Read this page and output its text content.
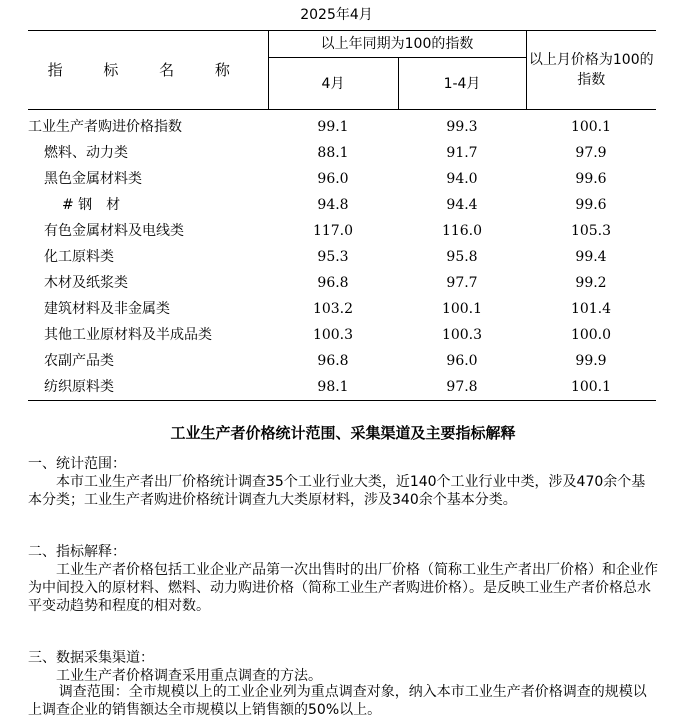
2025年4月
指 标 名 称	以上年同期为100的指数		以上月价格为100的指数
	4月	1-4月	
工业生产者购进价格指数	99.1	99.3	100.1
燃料、动力类	88.1	91.7	97.9
黑色金属材料类	96.0	94.0	99.6
# 钢　材	94.8	94.4	99.6
有色金属材料及电线类	117.0	116.0	105.3
化工原料类	95.3	95.8	99.4
木材及纸浆类	96.8	97.7	99.2
建筑材料及非金属类	103.2	100.1	101.4
其他工业原材料及半成品类	100.3	100.3	100.0
农副产品类	96.8	96.0	99.9
纺织原料类	98.1	97.8	100.1
工业生产者价格统计范围、采集渠道及主要指标解释
一、统计范围：
本市工业生产者出厂价格统计调查35个工业行业大类，近140个工业行业中类，涉及470余个基本分类；工业生产者购进价格统计调查九大类原材料，涉及340余个基本分类。
二、指标解释：
工业生产者价格包括工业企业产品第一次出售时的出厂价格（简称工业生产者出厂价格）和企业作为中间投入的原材料、燃料、动力购进价格（简称工业生产者购进价格）。是反映工业生产者价格总水平变动趋势和程度的相对数。
三、数据采集渠道：
工业生产者价格调查采用重点调查的方法。
调查范围：全市规模以上的工业企业列为重点调查对象，纳入本市工业生产者价格调查的规模以上调查企业的销售额达全市规模以上销售额的50%以上。
